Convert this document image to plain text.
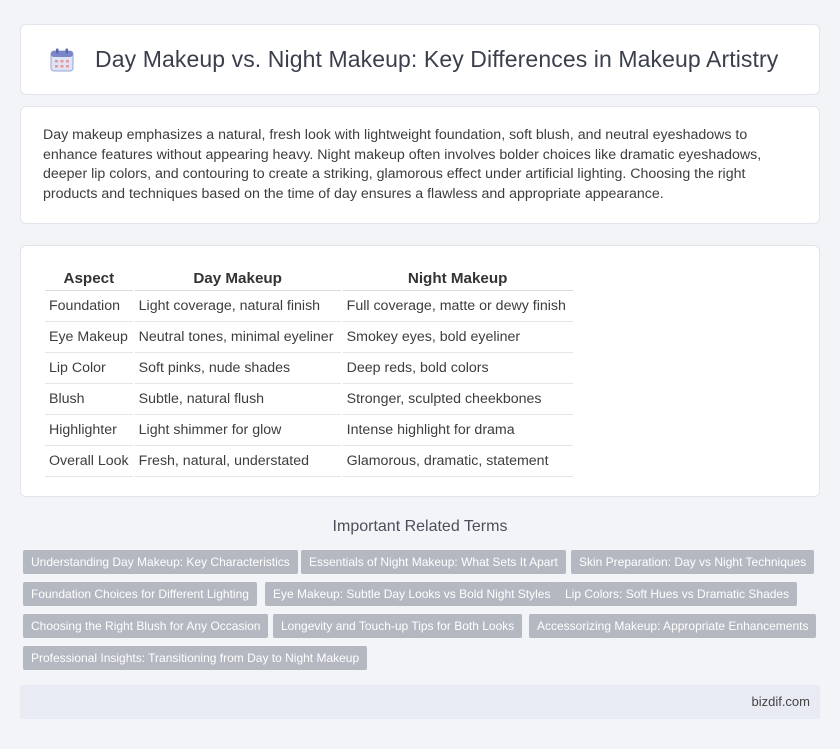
Day Makeup vs. Night Makeup: Key Differences in Makeup Artistry

Day makeup emphasizes a natural, fresh look with lightweight foundation, soft blush, and neutral eyeshadows to enhance features without appearing heavy. Night makeup often involves bolder choices like dramatic eyeshadows, deeper lip colors, and contouring to create a striking, glamorous effect under artificial lighting. Choosing the right products and techniques based on the time of day ensures a flawless and appropriate appearance.

Aspect	Day Makeup	Night Makeup
Foundation	Light coverage, natural finish	Full coverage, matte or dewy finish
Eye Makeup	Neutral tones, minimal eyeliner	Smokey eyes, bold eyeliner
Lip Color	Soft pinks, nude shades	Deep reds, bold colors
Blush	Subtle, natural flush	Stronger, sculpted cheekbones
Highlighter	Light shimmer for glow	Intense highlight for drama
Overall Look	Fresh, natural, understated	Glamorous, dramatic, statement
Important Related Terms
Understanding Day Makeup: Key Characteristics	Essentials of Night Makeup: What Sets It Apart	Skin Preparation: Day vs Night Techniques
Foundation Choices for Different Lighting	Eye Makeup: Subtle Day Looks vs Bold Night Styles	Lip Colors: Soft Hues vs Dramatic Shades
Choosing the Right Blush for Any Occasion	Longevity and Touch-up Tips for Both Looks	Accessorizing Makeup: Appropriate Enhancements
Professional Insights: Transitioning from Day to Night Makeup
bizdif.com
